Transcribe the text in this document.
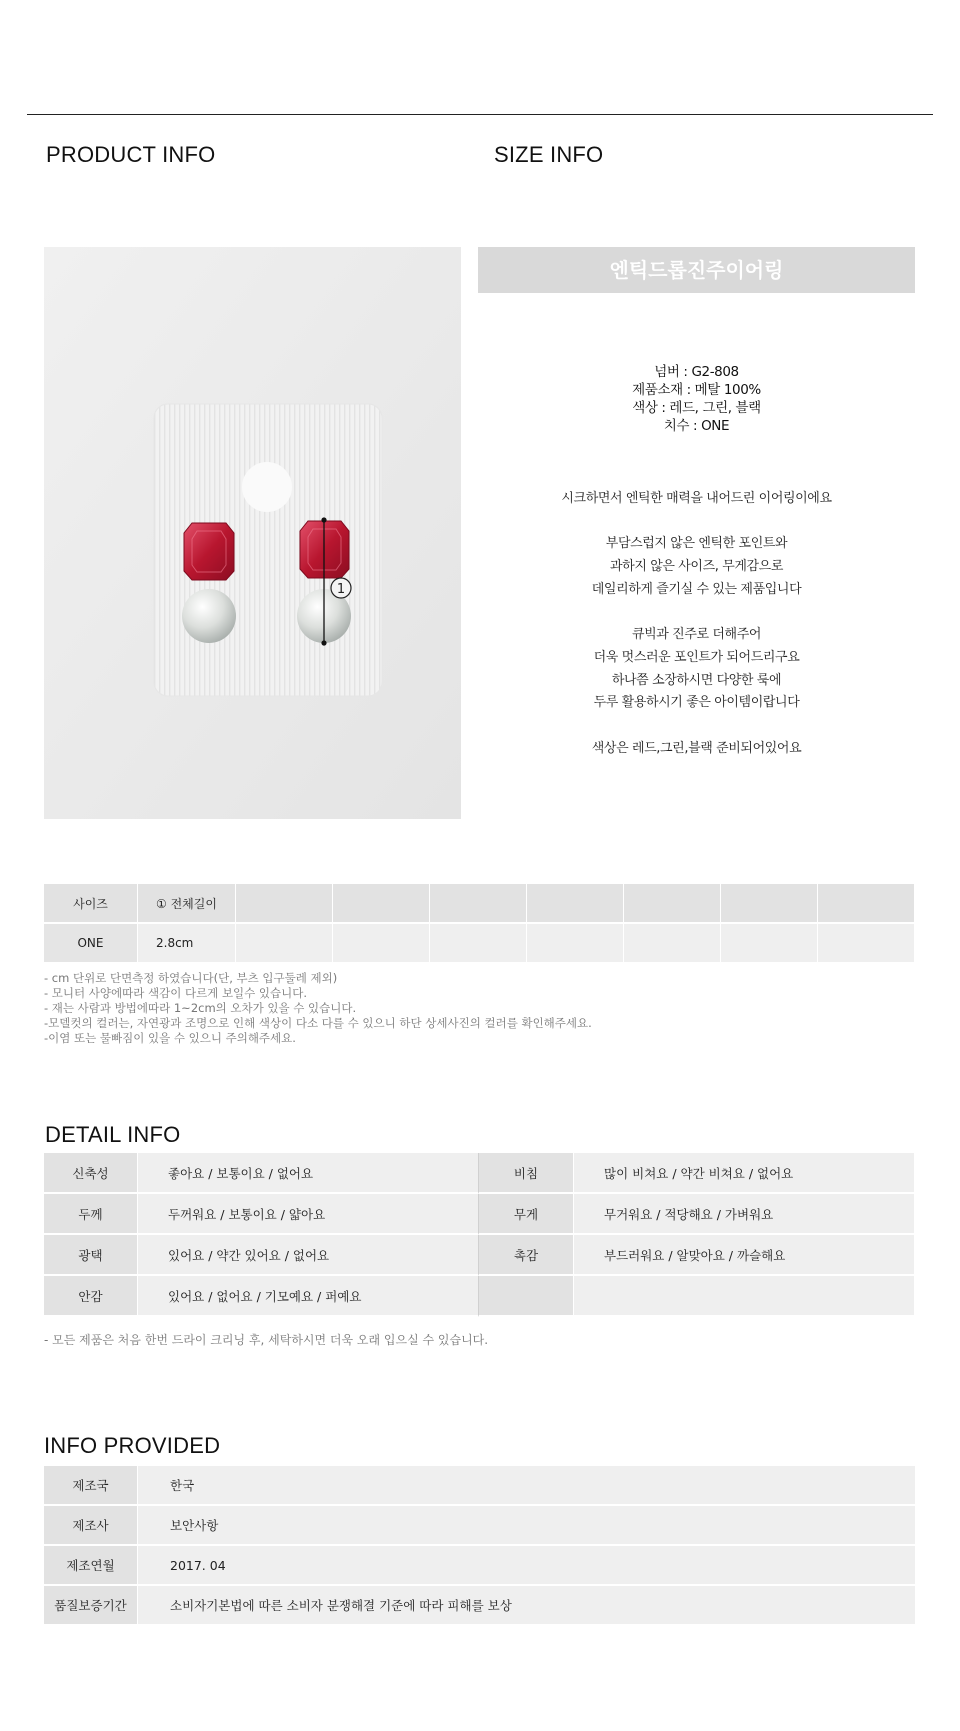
PRODUCT INFO	SIZE INFO
1
엔틱드롭진주이어링
넘버 : G2-808
제품소재 : 메탈 100%
색상 : 레드, 그린, 블랙
치수 : ONE
시크하면서 엔틱한 매력을 내어드린 이어링이에요
부담스럽지 않은 엔틱한 포인트와
과하지 않은 사이즈, 무게감으로
데일리하게 즐기실 수 있는 제품입니다
큐빅과 진주로 더해주어
더욱 멋스러운 포인트가 되어드리구요
하나쯤 소장하시면 다양한 룩에
두루 활용하시기 좋은 아이템이랍니다
색상은 레드,그린,블랙 준비되어있어요
사이즈	① 전체길이							
ONE	2.8cm							
- cm 단위로 단면측정 하였습니다(단, 부츠 입구둘레 제외)
- 모니터 사양에따라 색감이 다르게 보일수 있습니다.
- 재는 사람과 방법에따라 1~2cm의 오차가 있을 수 있습니다.
-모델컷의 컬러는, 자연광과 조명으로 인해 색상이 다소 다를 수 있으니 하단 상세사진의 컬러를 확인해주세요.
-이염 또는 물빠짐이 있을 수 있으니 주의해주세요.
DETAIL INFO
신축성	좋아요 / 보통이요 / 없어요	비침	많이 비쳐요 / 약간 비쳐요 / 없어요
두께	두꺼워요 / 보통이요 / 얇아요	무게	무거워요 / 적당해요 / 가벼워요
광택	있어요 / 약간 있어요 / 없어요	촉감	부드러워요 / 알맞아요 / 까슬해요
안감	있어요 / 없어요 / 기모예요 / 퍼예요		
- 모든 제품은 처음 한번 드라이 크리닝 후, 세탁하시면 더욱 오래 입으실 수 있습니다.
INFO PROVIDED
제조국	한국
제조사	보안사항
제조연월	2017. 04
품질보증기간	소비자기본법에 따른 소비자 분쟁해결 기준에 따라 피해를 보상
